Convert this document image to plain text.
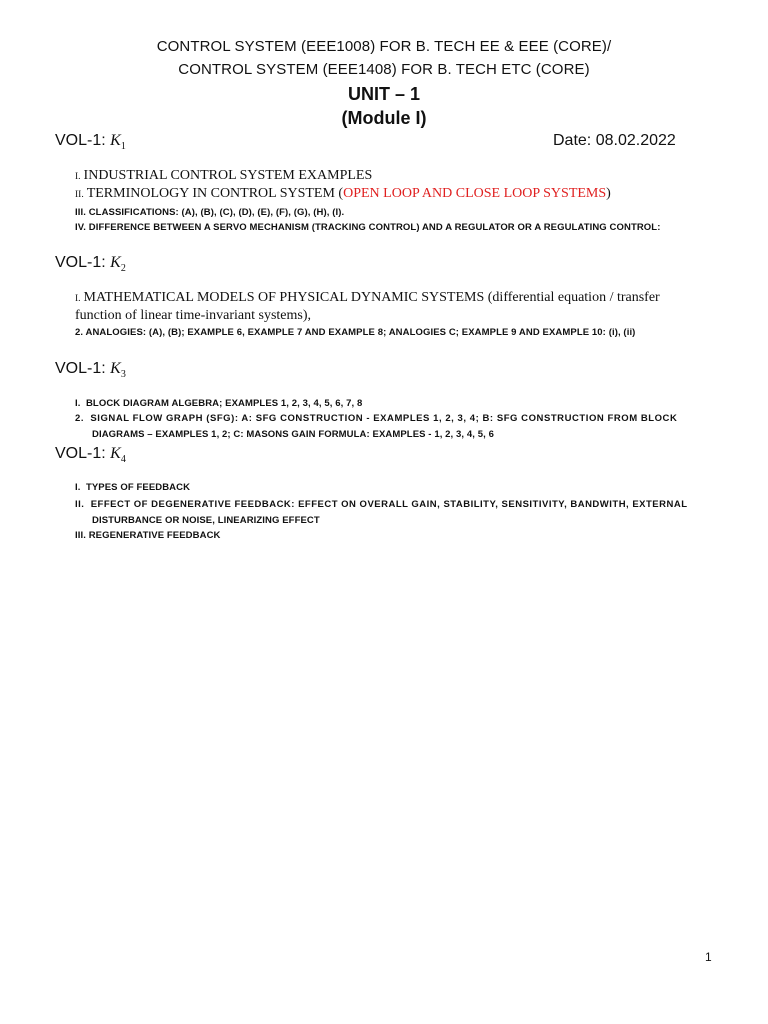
CONTROL SYSTEM (EEE1008) FOR B. TECH EE & EEE (CORE)/
CONTROL SYSTEM (EEE1408) FOR B. TECH ETC (CORE)
UNIT – 1
(Module I)
VOL-1: $K_1$	Date: 08.02.2022
I. INDUSTRIAL CONTROL SYSTEM EXAMPLES
II. TERMINOLOGY IN CONTROL SYSTEM (OPEN LOOP AND CLOSE LOOP SYSTEMS)
III. CLASSIFICATIONS: (A), (B), (C), (D), (E), (F), (G), (H), (I).
IV. DIFFERENCE BETWEEN A SERVO MECHANISM (TRACKING CONTROL) AND A REGULATOR OR A REGULATING CONTROL:
VOL-1: $K_2$
I. MATHEMATICAL MODELS OF PHYSICAL DYNAMIC SYSTEMS (differential equation / transfer
function of linear time-invariant systems),
2. ANALOGIES: (A), (B); EXAMPLE 6, EXAMPLE 7 AND EXAMPLE 8; ANALOGIES C; EXAMPLE 9 AND EXAMPLE 10: (i), (ii)
VOL-1: $K_3$
I. BLOCK DIAGRAM ALGEBRA; EXAMPLES 1, 2, 3, 4, 5, 6, 7, 8
2. SIGNAL FLOW GRAPH (SFG): A: SFG CONSTRUCTION - EXAMPLES 1, 2, 3, 4; B: SFG CONSTRUCTION FROM BLOCK
DIAGRAMS – EXAMPLES 1, 2; C: MASONS GAIN FORMULA: EXAMPLES - 1, 2, 3, 4, 5, 6
VOL-1: $K_4$
I. TYPES OF FEEDBACK
II. EFFECT OF DEGENERATIVE FEEDBACK: EFFECT ON OVERALL GAIN, STABILITY, SENSITIVITY, BANDWITH, EXTERNAL
DISTURBANCE OR NOISE, LINEARIZING EFFECT
III. REGENERATIVE FEEDBACK
1
